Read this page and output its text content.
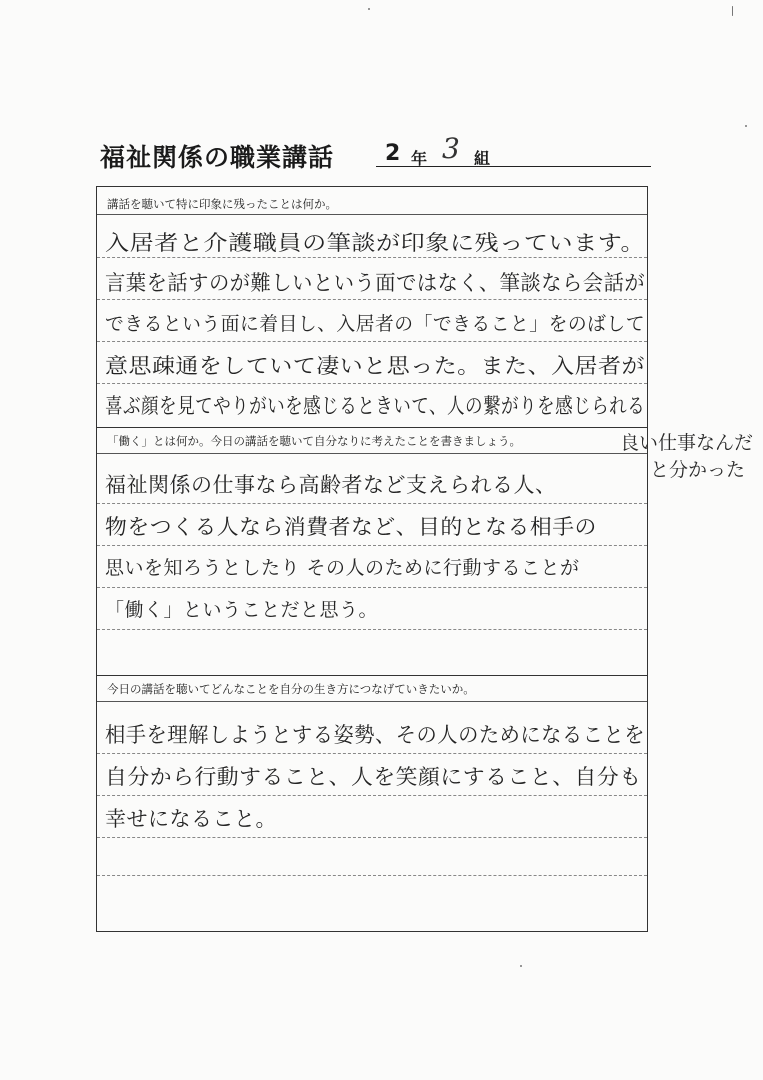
福祉関係の職業講話 2 年 3 組
講話を聴いて特に印象に残ったことは何か。
入居者と介護職員の筆談が印象に残っています。
言葉を話すのが難しいという面ではなく、筆談なら会話が
できるという面に着目し、入居者の「できること」をのばして
意思疎通をしていて凄いと思った。また、入居者が
喜ぶ顔を見てやりがいを感じるときいて、人の繋がりを感じられる
「働く」とは何か。今日の講話を聴いて自分なりに考えたことを書きましょう。
福祉関係の仕事なら高齢者など支えられる人、
物をつくる人なら消費者など、目的となる相手の
思いを知ろうとしたり その人のために行動することが
「働く」ということだと思う。
今日の講話を聴いてどんなことを自分の生き方につなげていきたいか。
相手を理解しようとする姿勢、その人のためになることを
自分から行動すること、人を笑顔にすること、自分も
幸せになること。
良い仕事なんだ
と分かった
